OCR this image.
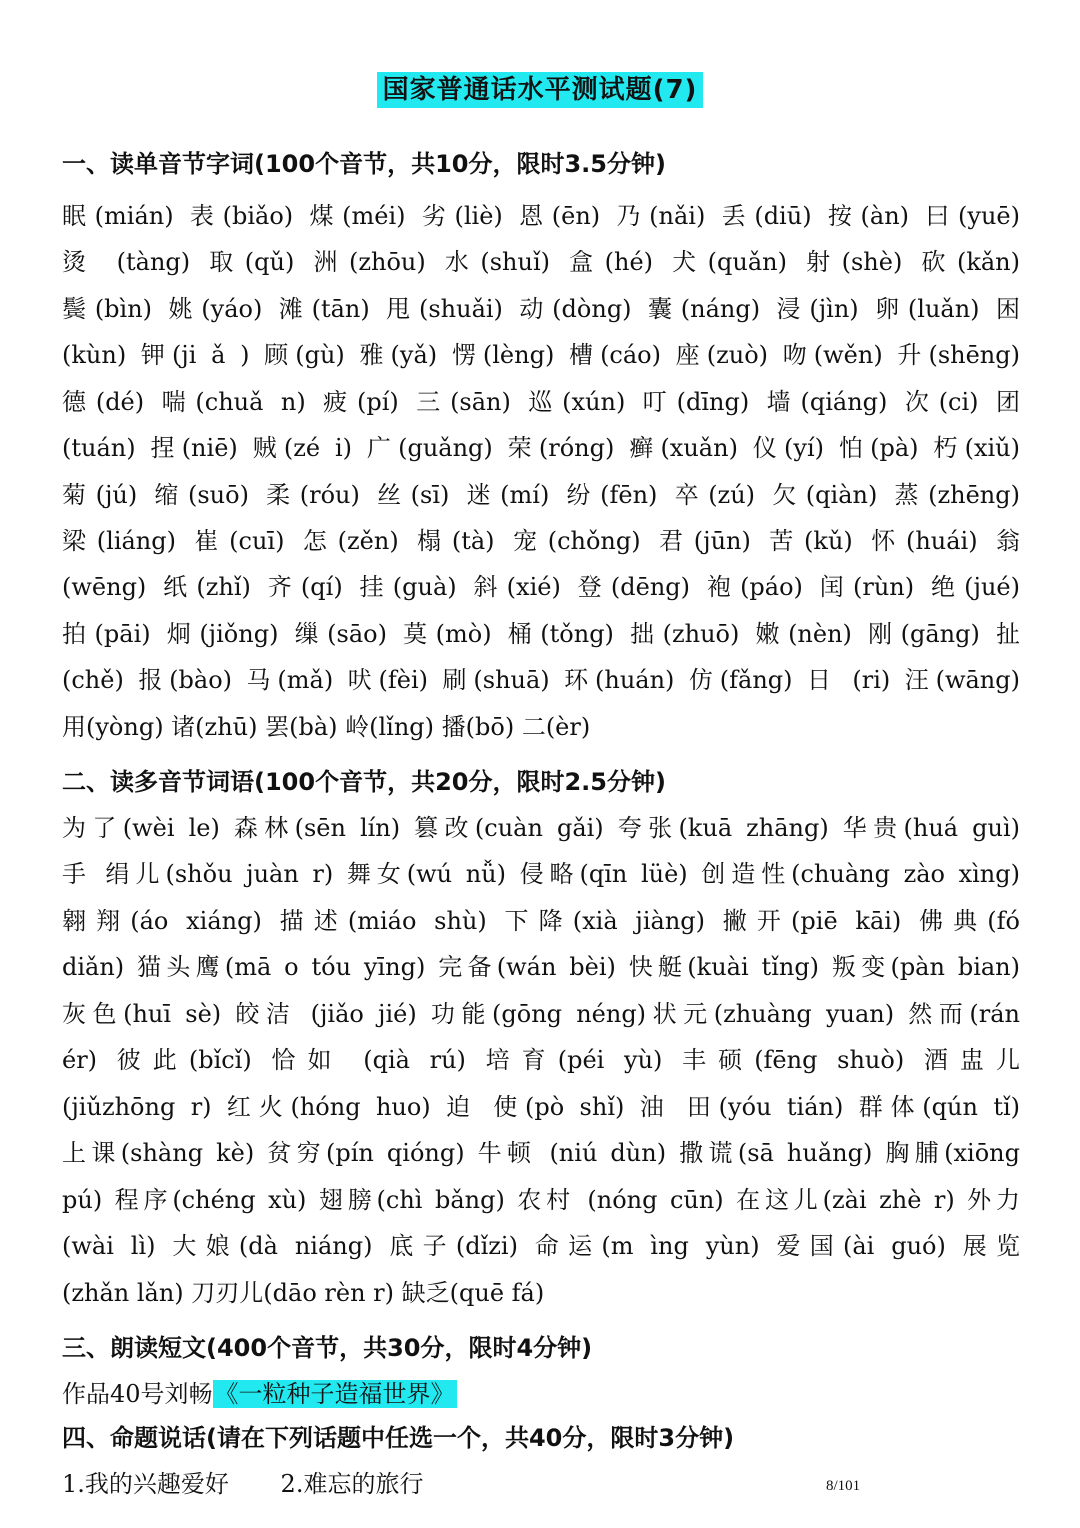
国家普通话水平测试题(7)
一、读单音节字词(100个音节，共10分，限时3.5分钟)
眠(mián) 表(biǎo) 煤(méi) 劣(liè) 恩(ēn) 乃(nǎi) 丢(diū) 按(àn) 曰(yuē)
烫 (tàng) 取(qǔ) 洲(zhōu) 水(shuǐ) 盒(hé) 犬(quǎn) 射(shè) 砍(kǎn)
鬓(bìn) 姚(yáo) 滩(tān) 甩(shuǎi) 动(dòng) 囊(náng) 浸(jìn) 卵(luǎn) 困
(kùn) 钾(ji ǎ ) 顾(gù) 雅(yǎ) 愣(lèng) 槽(cáo) 座(zuò) 吻(wěn) 升(shēng)
德(dé) 喘(chuǎ n) 疲(pí) 三(sān) 巡(xún) 叮(dīng) 墙(qiáng) 次(ci) 团
(tuán) 捏(niē) 贼(zé i) 广(guǎng) 荣(róng) 癣(xuǎn) 仪(yí) 怕(pà) 朽(xiǔ)
菊(jú) 缩(suō) 柔(róu) 丝(sī) 迷(mí) 纷(fēn) 卒(zú) 欠(qiàn) 蒸(zhēng)
梁(liáng) 崔(cuī) 怎(zěn) 榻(tà) 宠(chǒng) 君(jūn) 苦(kǔ) 怀(huái) 翁
(wēng) 纸(zhǐ) 齐(qí) 挂(guà) 斜(xié) 登(dēng) 袍(páo) 闰(rùn) 绝(jué)
拍(pāi) 炯(jiǒng) 缫(sāo) 莫(mò) 桶(tǒng) 拙(zhuō) 嫩(nèn) 刚(gāng) 扯
(chě) 报(bào) 马(mǎ) 吠(fèi) 刷(shuā) 环(huán) 仿(fǎng) 日 (ri) 汪(wāng)
用(yòng) 诸(zhū) 罢(bà) 岭(lǐng) 播(bō) 二(èr)
二、读多音节词语(100个音节，共20分，限时2.5分钟)
为了(wèi le) 森林(sēn lín) 篡改(cuàn gǎi) 夸张(kuā zhāng) 华贵(huá guì)
手 绢儿(shǒu juàn r) 舞女(wú nǚ) 侵略(qīn lüè) 创造性(chuàng zào xìng)
翱翔(áo xiáng) 描述(miáo shù) 下降(xià jiàng) 撇开(piē kāi) 佛典(fó
diǎn) 猫头鹰(mā o tóu yīng) 完备(wán bèi) 快艇(kuài tǐng) 叛变(pàn bian)
灰色(huī sè) 皎洁 (jiǎo jié) 功能(gōng néng)状元(zhuàng yuan) 然而(rán
ér) 彼此(bǐcǐ) 恰如 (qià rú) 培育(péi yù) 丰硕(fēng shuò) 酒盅儿
(jiǔzhōng r) 红火(hóng huo) 迫 使(pò shǐ) 油 田(yóu tián) 群体(qún tǐ)
上课(shàng kè) 贫穷(pín qióng) 牛顿 (niú dùn) 撒谎(sā huǎng) 胸脯(xiōng
pú) 程序(chéng xù) 翅膀(chì bǎng) 农村 (nóng cūn) 在这儿(zài zhè r) 外力
(wài lì) 大娘(dà niáng) 底子(dǐzi) 命运(m ìng yùn) 爱国(ài guó) 展览
(zhǎn lǎn) 刀刃儿(dāo rèn r) 缺乏(quē fá)
三、朗读短文(400个音节，共30分，限时4分钟)
作品40号刘畅《一粒种子造福世界》
四、命题说话(请在下列话题中任选一个，共40分，限时3分钟)
1.我的兴趣爱好 2.难忘的旅行	8/101
